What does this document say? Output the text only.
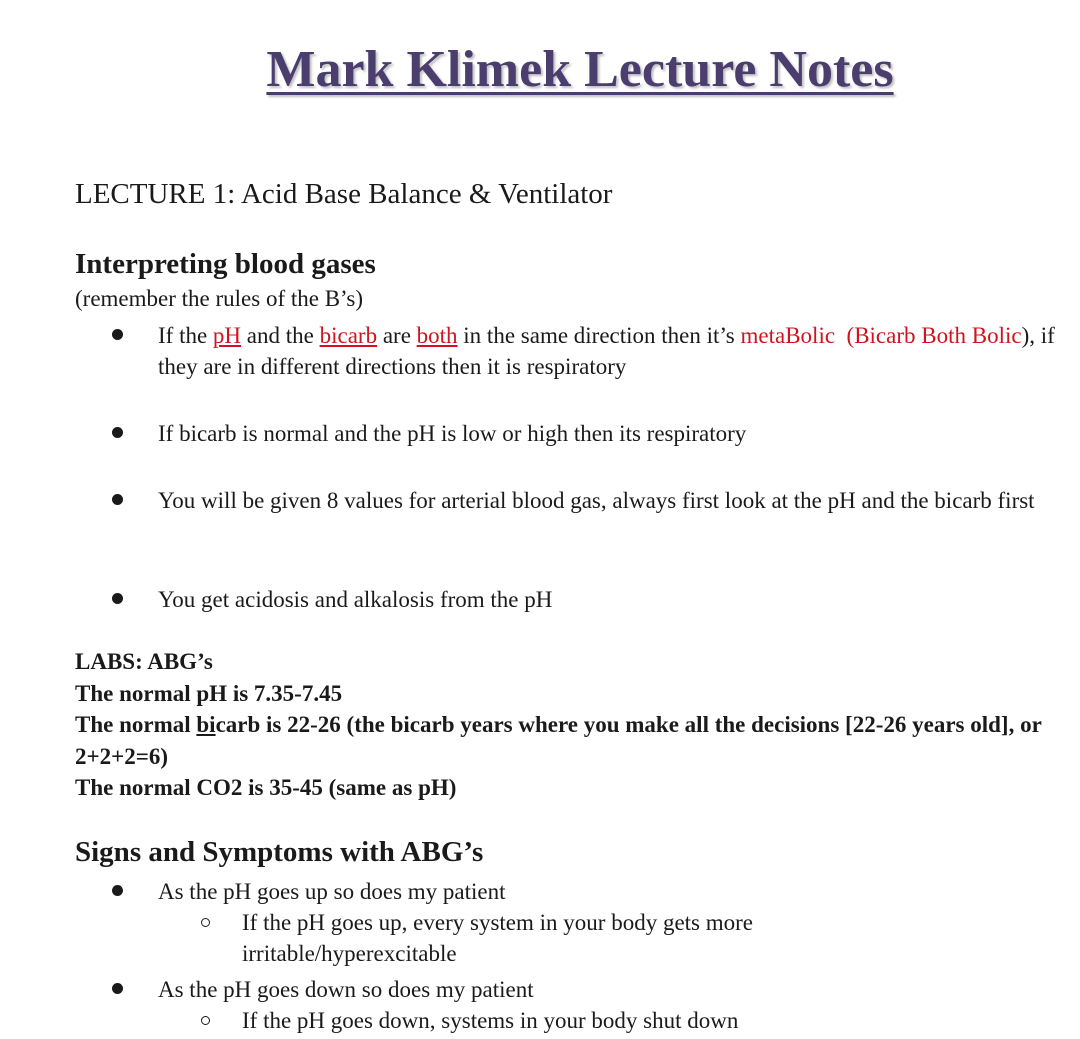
Mark Klimek Lecture Notes
LECTURE 1: Acid Base Balance & Ventilator
Interpreting blood gases

(remember the rules of the B’s)

If the pH and the bicarb are both in the same direction then it’s metaBolic (Bicarb Both Bolic), if they are in different directions then it is respiratory
If bicarb is normal and the pH is low or high then its respiratory
You will be given 8 values for arterial blood gas, always first look at the pH and the bicarb first
You get acidosis and alkalosis from the pH

LABS: ABG’s

The normal pH is 7.35-7.45

The normal bicarb is 22-26 (the bicarb years where you make all the decisions [22-26 years old], or 2+2+2=6)

The normal CO2 is 35-45 (same as pH)

Signs and Symptoms with ABG’s
As the pH goes up so does my patient
If the pH goes up, every system in your body gets more irritable/hyperexcitable
As the pH goes down so does my patient
If the pH goes down, systems in your body shut down
